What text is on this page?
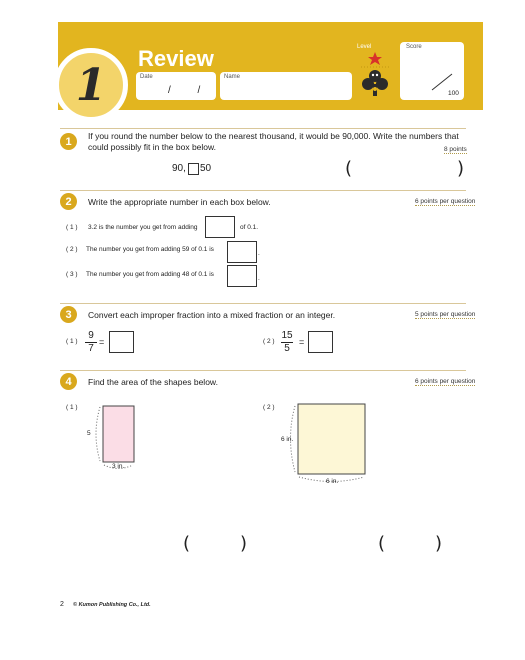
1
Review
Date
/ /
Name
Level	Score
100
1	If you round the number below to the nearest thousand, it would be 90,000. Write the numbers that could possibly fit in the box below.	8 points
90, 50	(	)
2	Write the appropriate number in each box below.	6 points per question
( 1 ) 3.2 is the number you get from adding	of 0.1.
( 2 ) The number you get from adding 59 of 0.1 is
.
( 3 ) The number you get from adding 48 of 0.1 is
.
3	Convert each improper fraction into a mixed fraction or an integer.	5 points per question
( 1 )
9
7
=	( 2 )
15
5
=
4	Find the area of the shapes below.	6 points per question
( 1 )
5
3 in.
( 2 )
6 in.
6 in.
(	)	(	)
2 © Kumon Publishing Co., Ltd.
